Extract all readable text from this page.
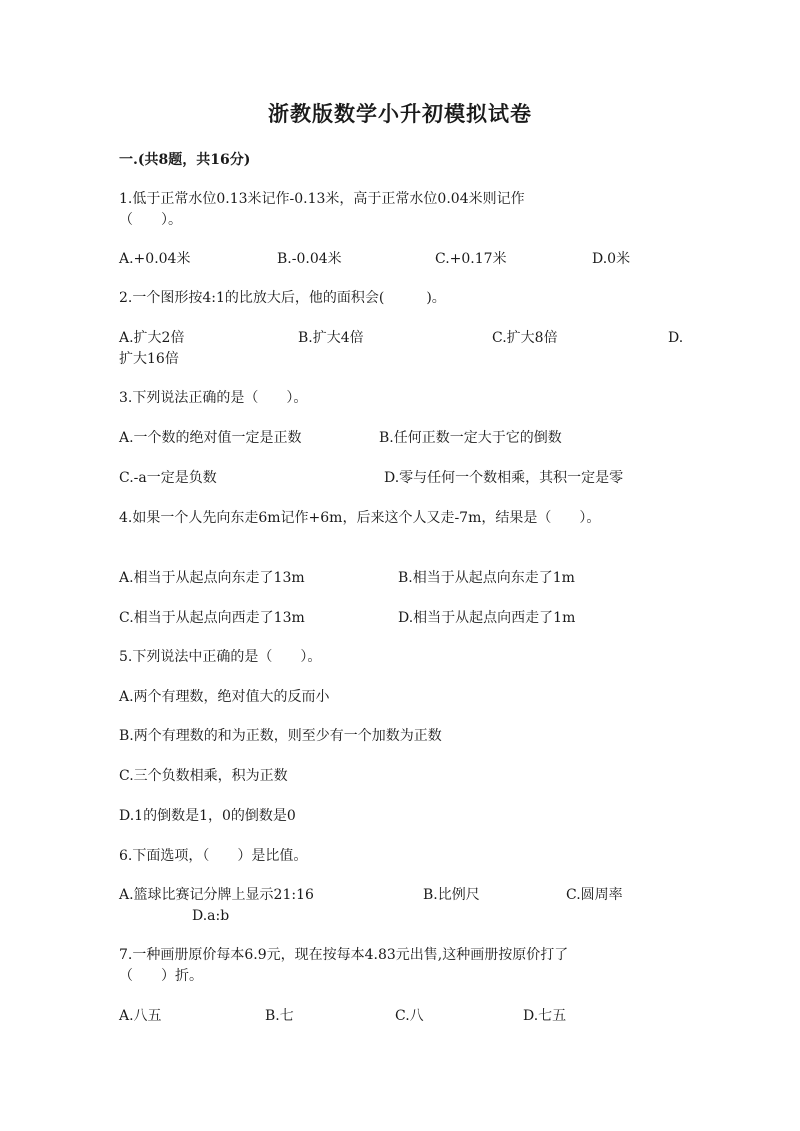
浙教版数学小升初模拟试卷
一.(共8题，共16分)
1.低于正常水位0.13米记作-0.13米，高于正常水位0.04米则记作
（　　）。
A.+0.04米	B.-0.04米	C.+0.17米	D.0米
2.一个图形按4:1的比放大后，他的面积会(　　　)。
A.扩大2倍	B.扩大4倍	C.扩大8倍	D.
扩大16倍
3.下列说法正确的是（　　）。
A.一个数的绝对值一定是正数	B.任何正数一定大于它的倒数
C.-a一定是负数	D.零与任何一个数相乘，其积一定是零
4.如果一个人先向东走6m记作+6m，后来这个人又走-7m，结果是（　　）。
A.相当于从起点向东走了13m	B.相当于从起点向东走了1m
C.相当于从起点向西走了13m	D.相当于从起点向西走了1m
5.下列说法中正确的是（　　）。
A.两个有理数，绝对值大的反而小
B.两个有理数的和为正数，则至少有一个加数为正数
C.三个负数相乘，积为正数
D.1的倒数是1，0的倒数是0
6.下面选项，（　　）是比值。
A.篮球比赛记分牌上显示21:16	B.比例尺	C.圆周率
D.a:b
7.一种画册原价每本6.9元，现在按每本4.83元出售,这种画册按原价打了
（　　）折。
A.八五	B.七	C.八	D.七五
